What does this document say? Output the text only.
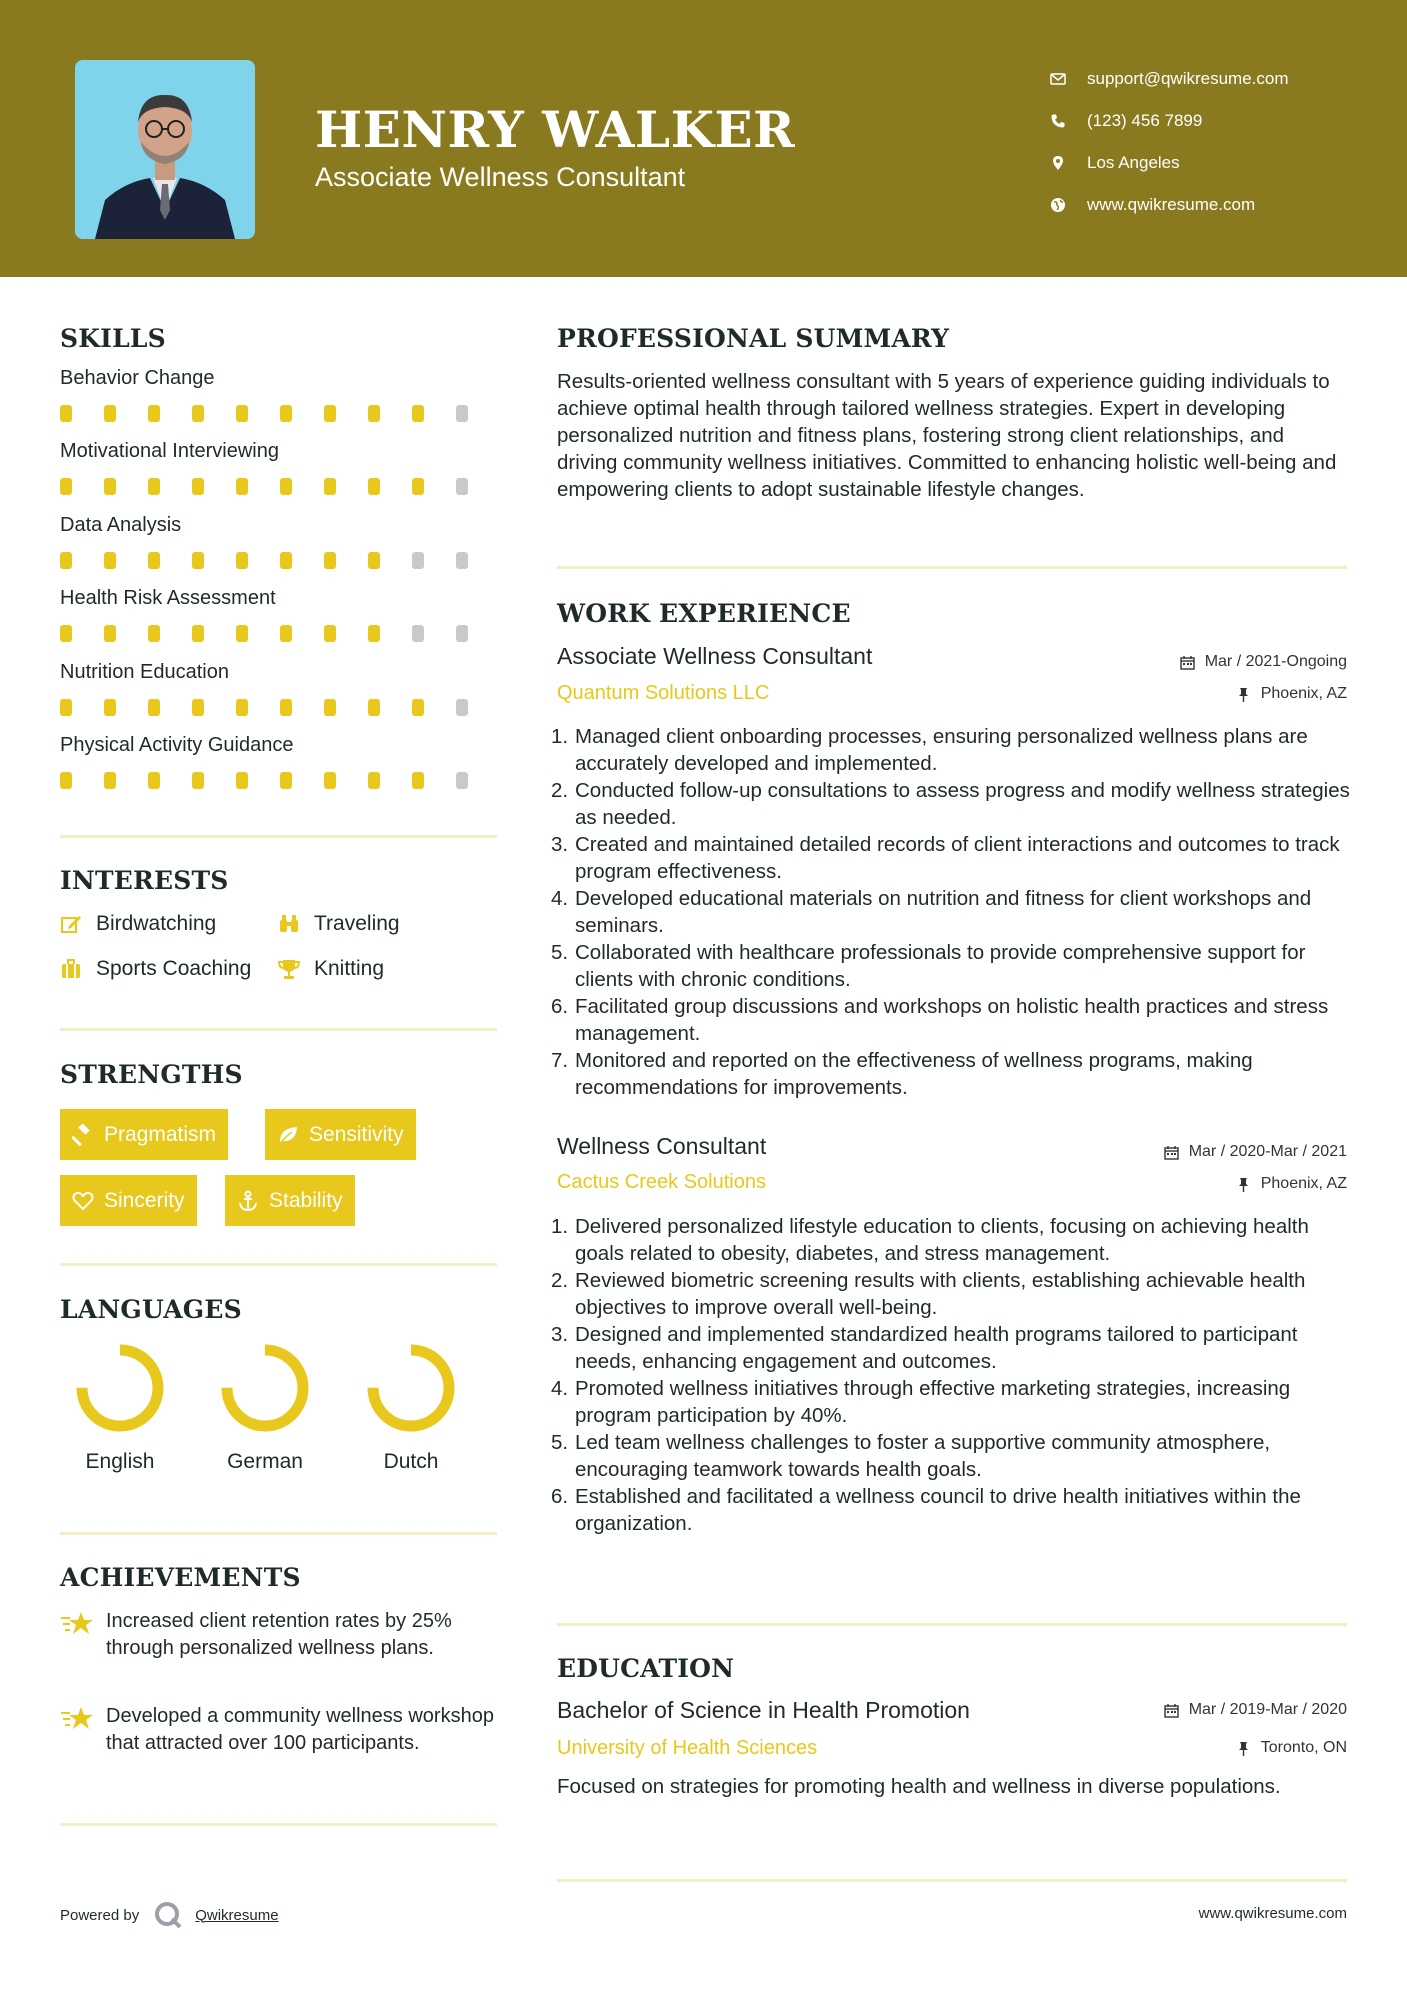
HENRY WALKER
Associate Wellness Consultant
support@qwikresume.com
(123) 456 7899
Los Angeles
www.qwikresume.com
SKILLS
Behavior Change
Motivational Interviewing
Data Analysis
Health Risk Assessment
Nutrition Education
Physical Activity Guidance
INTERESTS
Birdwatching	Traveling
Sports Coaching	Knitting
STRENGTHS
Pragmatism	Sensitivity
Sincerity	Stability
LANGUAGES
English	German	Dutch
ACHIEVEMENTS
Increased client retention rates by 25% through personalized wellness plans.
Developed a community wellness workshop that attracted over 100 participants.
PROFESSIONAL SUMMARY
Results-oriented wellness consultant with 5 years of experience guiding individuals to achieve optimal health through tailored wellness strategies. Expert in developing personalized nutrition and fitness plans, fostering strong client relationships, and driving community wellness initiatives. Committed to enhancing holistic well-being and empowering clients to adopt sustainable lifestyle changes.
WORK EXPERIENCE
Associate Wellness Consultant
Quantum Solutions LLC
Mar / 2021-Ongoing
Phoenix, AZ
1. Managed client onboarding processes, ensuring personalized wellness plans are accurately developed and implemented.
2. Conducted follow-up consultations to assess progress and modify wellness strategies as needed.
3. Created and maintained detailed records of client interactions and outcomes to track program effectiveness.
4. Developed educational materials on nutrition and fitness for client workshops and seminars.
5. Collaborated with healthcare professionals to provide comprehensive support for clients with chronic conditions.
6. Facilitated group discussions and workshops on holistic health practices and stress management.
7. Monitored and reported on the effectiveness of wellness programs, making recommendations for improvements.
Wellness Consultant
Cactus Creek Solutions
Mar / 2020-Mar / 2021
Phoenix, AZ
1. Delivered personalized lifestyle education to clients, focusing on achieving health goals related to obesity, diabetes, and stress management.
2. Reviewed biometric screening results with clients, establishing achievable health objectives to improve overall well-being.
3. Designed and implemented standardized health programs tailored to participant needs, enhancing engagement and outcomes.
4. Promoted wellness initiatives through effective marketing strategies, increasing program participation by 40%.
5. Led team wellness challenges to foster a supportive community atmosphere, encouraging teamwork towards health goals.
6. Established and facilitated a wellness council to drive health initiatives within the organization.
EDUCATION
Bachelor of Science in Health Promotion
University of Health Sciences
Mar / 2019-Mar / 2020
Toronto, ON
Focused on strategies for promoting health and wellness in diverse populations.
Powered by	Qwikresume	www.qwikresume.com
